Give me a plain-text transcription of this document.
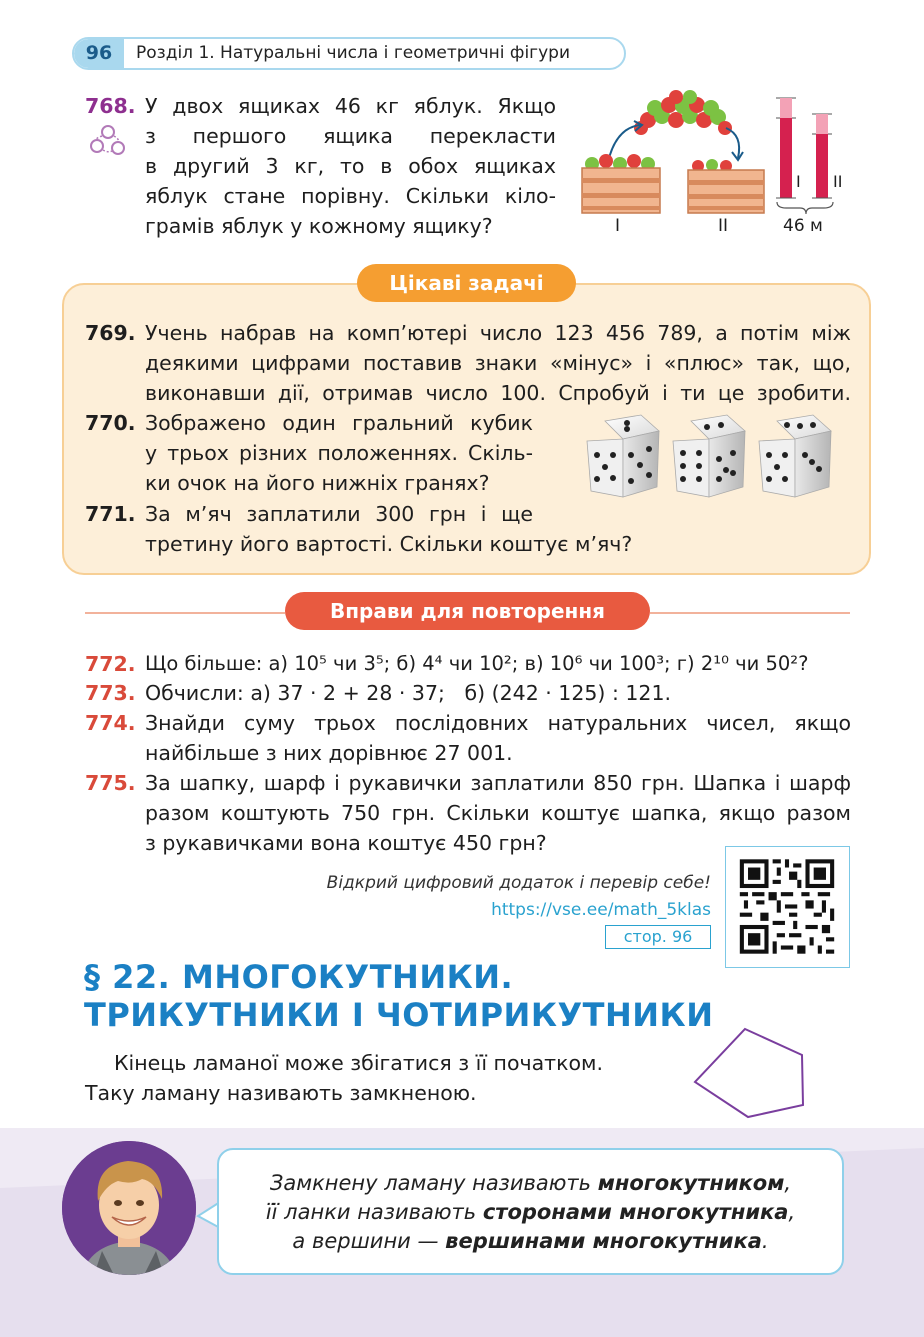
96	Розділ 1. Натуральні числа і геометричні фігури
768. У двох ящиках 46 кг яблук. Якщо
з першого ящика перекласти
в другий 3 кг, то в обох ящиках
яблук стане порівну. Скільки кіло-
грамів яблук у кожному ящику?	I	II
I II
46 м
Цікаві задачі
769. Учень набрав на комп’ютері число 123 456 789, а потім між
деякими цифрами поставив знаки «мінус» і «плюс» так, що,
виконавши дії, отримав число 100. Спробуй і ти це зробити.
770. Зображено один гральний кубик
у трьох різних положеннях. Скіль-
ки очок на його нижніх гранях?
771. За м’яч заплатили 300 грн і ще
третину його вартості. Скільки коштує м’яч?
Вправи для повторення
772. Що більше: а) 10⁵ чи 3⁵; б) 4⁴ чи 10²; в) 10⁶ чи 100³; г) 2¹⁰ чи 50²?
773. Обчисли: а) 37 · 2 + 28 · 37;   б) (242 · 125) : 121.
774. Знайди суму трьох послідовних натуральних чисел, якщо
найбільше з них дорівнює 27 001.
775. За шапку, шарф і рукавички заплатили 850 грн. Шапка і шарф
разом коштують 750 грн. Скільки коштує шапка, якщо разом
з рукавичками вона коштує 450 грн?
Відкрий цифровий додаток і перевір себе!
https://vse.ee/math_5klas
стор. 96
§ 22. МНОГОКУТНИКИ.
ТРИКУТНИКИ І ЧОТИРИКУТНИКИ
Кінець ламаної може збігатися з її початком.
Таку ламану називають замкненою.
Замкнену ламану називають многокутником,
її ланки називають сторонами многокутника,
а вершини — вершинами многокутника.
